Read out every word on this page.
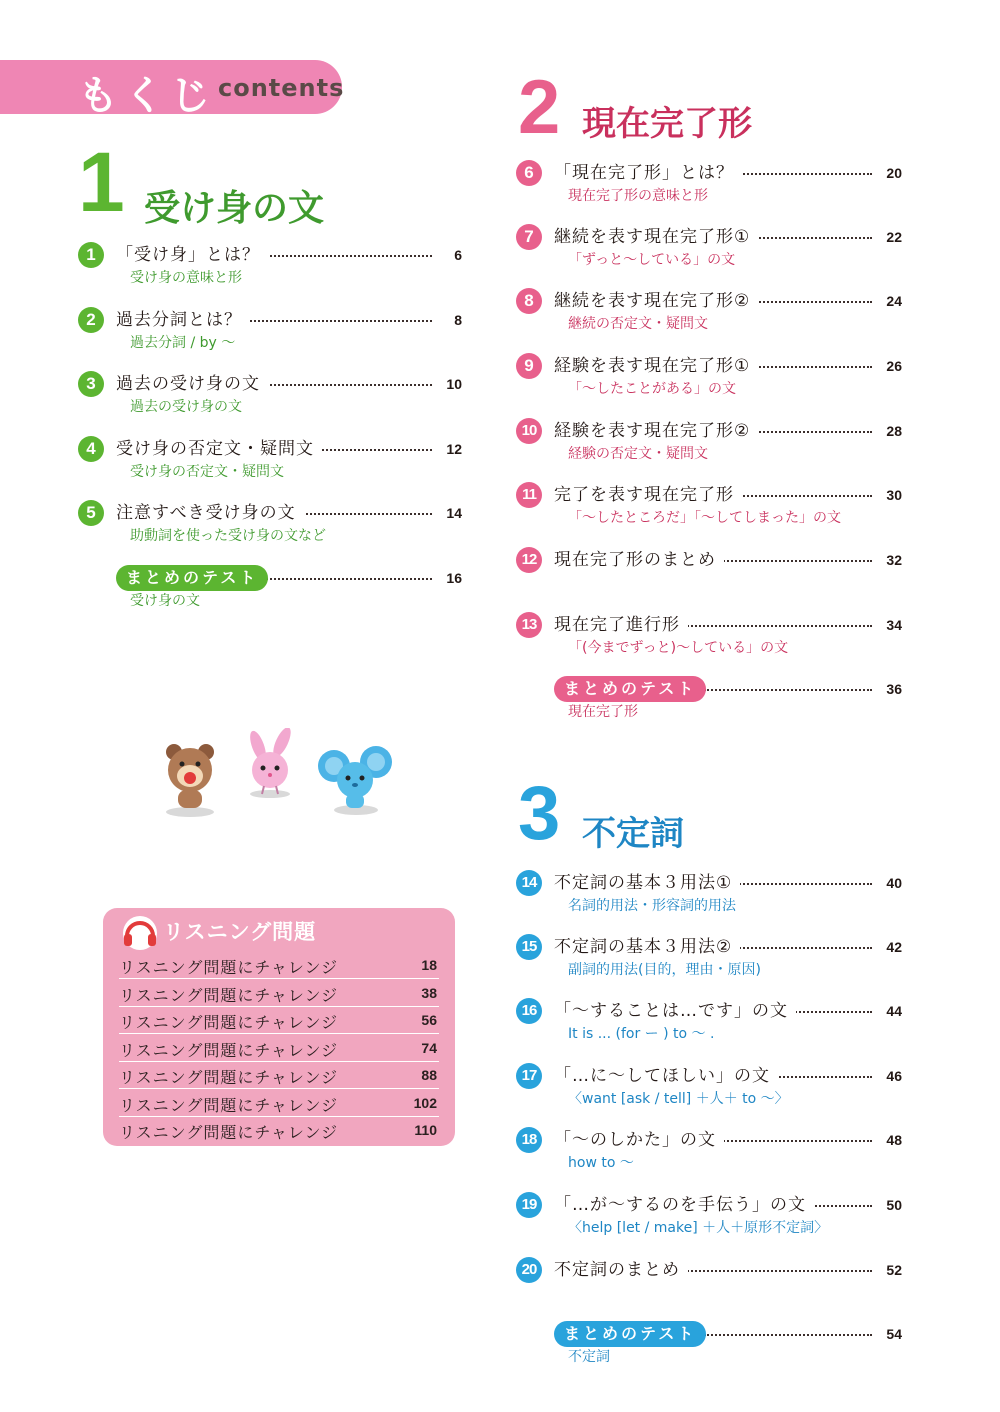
もくじ contents
1 受け身の文
1	「受け身」とは？	6
受け身の意味と形
2	過去分詞とは？	8
過去分詞 / by ～
3	過去の受け身の文	10
過去の受け身の文
4	受け身の否定文・疑問文	12
受け身の否定文・疑問文
5	注意すべき受け身の文	14
助動詞を使った受け身の文など
まとめのテスト	16
受け身の文
リスニング問題
リスニング問題にチャレンジ	18
リスニング問題にチャレンジ	38
リスニング問題にチャレンジ	56
リスニング問題にチャレンジ	74
リスニング問題にチャレンジ	88
リスニング問題にチャレンジ	102
リスニング問題にチャレンジ	110
2 現在完了形
6	「現在完了形」とは？	20
現在完了形の意味と形
7	継続を表す現在完了形①	22
「ずっと～している」の文
8	継続を表す現在完了形②	24
継続の否定文・疑問文
9	経験を表す現在完了形①	26
「～したことがある」の文
10	経験を表す現在完了形②	28
経験の否定文・疑問文
11	完了を表す現在完了形	30
「～したところだ」「～してしまった」の文
12	現在完了形のまとめ	32
13	現在完了進行形	34
「(今までずっと)～している」の文
まとめのテスト	36
現在完了形
3 不定詞
14	不定詞の基本３用法①	40
名詞的用法・形容詞的用法
15	不定詞の基本３用法②	42
副詞的用法(目的，理由・原因)
16	「～することは…です」の文	44
It is ... (for ー ) to ～ .
17	「…に～してほしい」の文	46
〈want [ask / tell] ＋人＋ to ～〉
18	「～のしかた」の文	48
how to ～
19	「…が～するのを手伝う」の文	50
〈help [let / make] ＋人＋原形不定詞〉
20	不定詞のまとめ	52
まとめのテスト	54
不定詞
